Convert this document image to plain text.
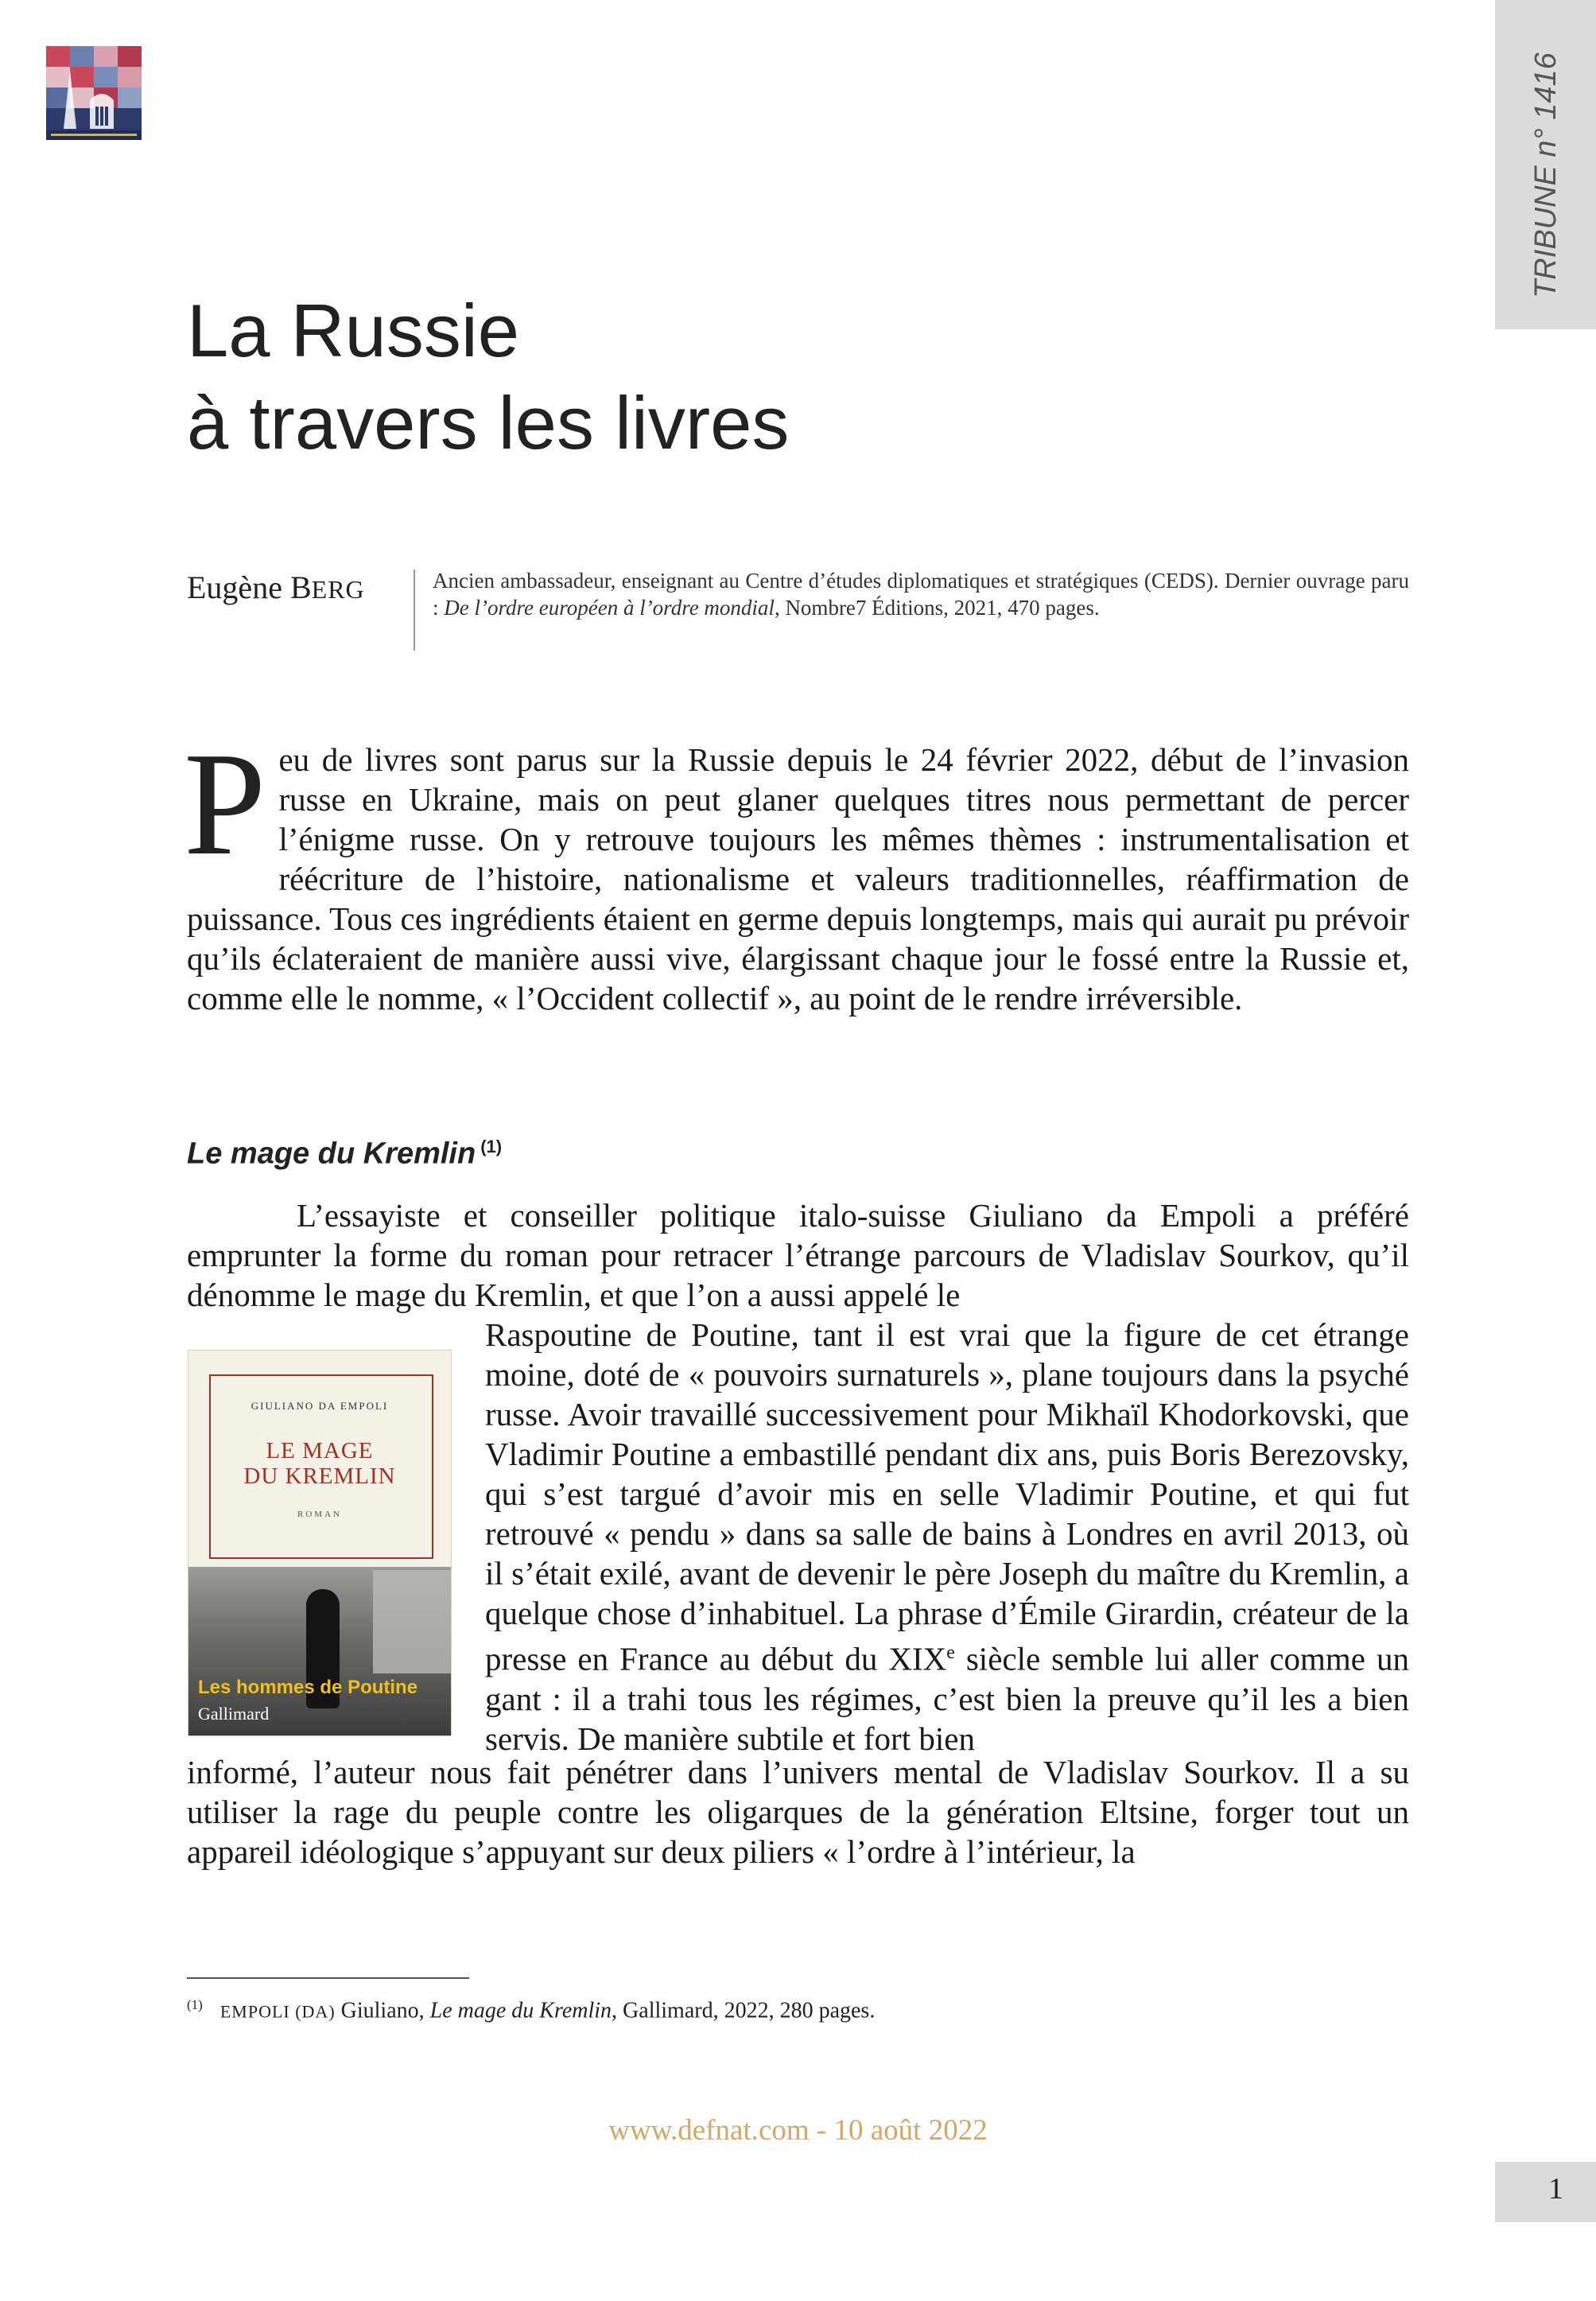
TRIBUNE n° 1416
La Russie
à travers les livres
Eugène BERG	Ancien ambassadeur, enseignant au Centre d’études diplomatiques et stratégiques (CEDS). Dernier ouvrage paru : De l’ordre européen à l’ordre mondial, Nombre7 Éditions, 2021, 470 pages.

Peu de livres sont parus sur la Russie depuis le 24 février 2022, début de l’invasion russe en Ukraine, mais on peut glaner quelques titres nous permettant de percer l’énigme russe. On y retrouve toujours les mêmes thèmes : instrumentalisation et réécriture de l’histoire, nationalisme et valeurs traditionnelles, réaffirmation de puissance. Tous ces ingrédients étaient en germe depuis longtemps, mais qui aurait pu prévoir qu’ils éclateraient de manière aussi vive, élargissant chaque jour le fossé entre la Russie et, comme elle le nomme, « l’Occident collectif », au point de le rendre irréversible.

Le mage du Kremlin $^{(1)}$

L’essayiste et conseiller politique italo-suisse Giuliano da Empoli a préféré emprunter la forme du roman pour retracer l’étrange parcours de Vladislav Sourkov, qu’il dénomme le mage du Kremlin, et que l’on a aussi appelé le

GIULIANO DA EMPOLI
LE MAGE
DU KREMLIN
ROMAN
Les hommes de Poutine
Gallimard

Raspoutine de Poutine, tant il est vrai que la figure de cet étrange moine, doté de « pouvoirs surnaturels », plane toujours dans la psyché russe. Avoir travaillé successivement pour Mikhaïl Khodorkovski, que Vladimir Poutine a embastillé pendant dix ans, puis Boris Berezovsky, qui s’est targué d’avoir mis en selle Vladimir Poutine, et qui fut retrouvé « pendu » dans sa salle de bains à Londres en avril 2013, où il s’était exilé, avant de devenir le père Joseph du maître du Kremlin, a quelque chose d’inhabituel. La phrase d’Émile Girardin, créateur de la presse en France au début du XIXe siècle semble lui aller comme un gant : il a trahi tous les régimes, c’est bien la preuve qu’il les a bien servis. De manière subtile et fort bien

informé, l’auteur nous fait pénétrer dans l’univers mental de Vladislav Sourkov. Il a su utiliser la rage du peuple contre les oligarques de la génération Eltsine, forger tout un appareil idéologique s’appuyant sur deux piliers « l’ordre à l’intérieur, la

$^{(1)}$ EMPOLI (DA) Giuliano, Le mage du Kremlin, Gallimard, 2022, 280 pages.
www.defnat.com - 10 août 2022
1
